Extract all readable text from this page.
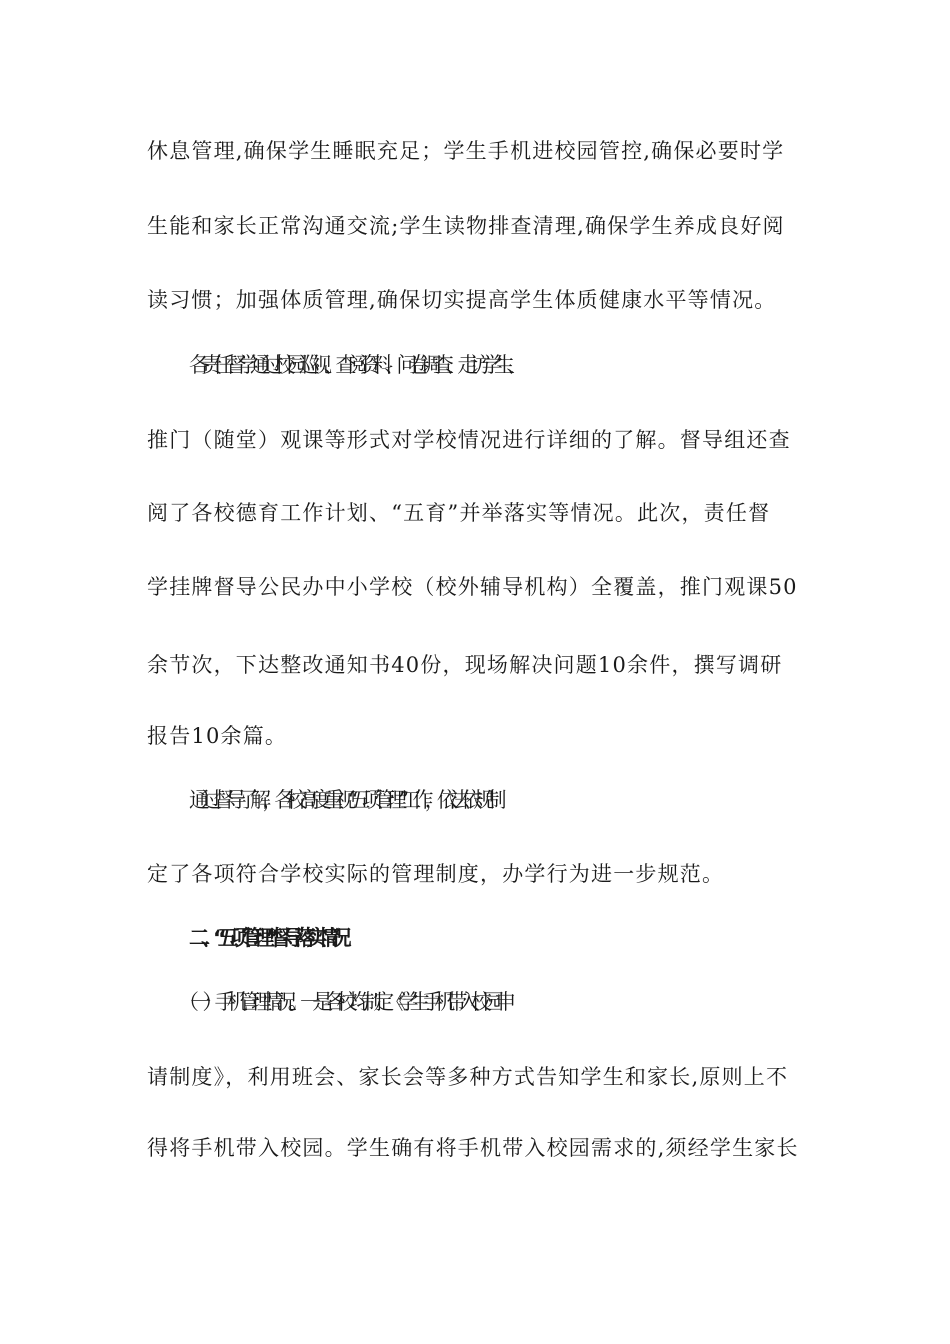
休息管理,确保学生睡眠充足；学生手机进校园管控,确保必要时学
生能和家长正常沟通交流;学生读物排查清理,确保学生养成良好阅
读习惯；加强体质管理,确保切实提高学生体质健康水平等情况。
各责任督学通过校园巡视、查阅资料、问卷调查、走访学生、
推门（随堂）观课等形式对学校情况进行详细的了解。督导组还查
阅了各校德育工作计划、“五育”并举落实等情况。此次，责任督
学挂牌督导公民办中小学校（校外辅导机构）全覆盖，推门观课50
余节次，下达整改通知书40份，现场解决问题10余件，撰写调研
报告10余篇。
通过督导了解，各校高度重视“五项管理”工作，依法依规制
定了各项符合学校实际的管理制度，办学行为进一步规范。
二、“五项管理”督导落实情况
（一）手机管理情况。一是各校均制定《学生手机带入校园申
请制度》，利用班会、家长会等多种方式告知学生和家长,原则上不
得将手机带入校园。学生确有将手机带入校园需求的,须经学生家长
